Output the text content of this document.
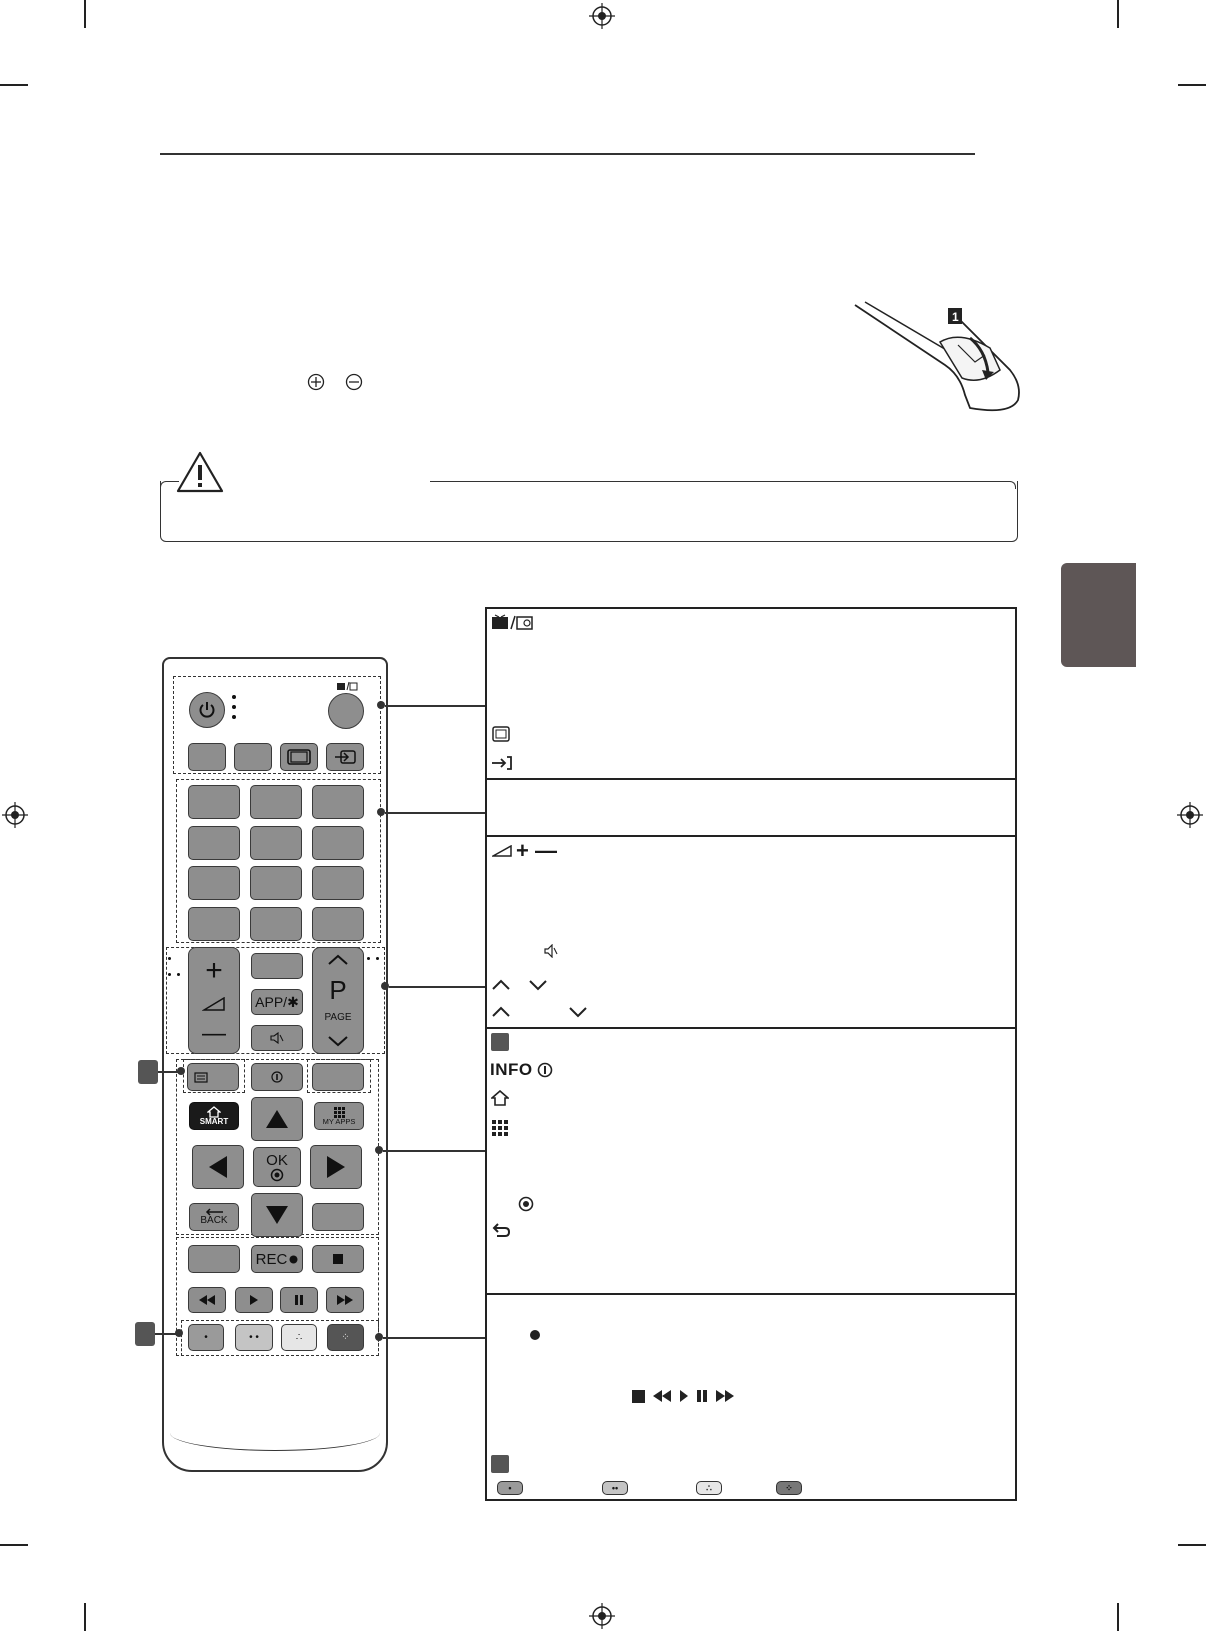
1
+
—
APP/✱ P
PAGE
SMART	MY APPS
OK
BACK
REC
•	• •	∴	⁘
+ —
INFO
•	••	∴	⁘
